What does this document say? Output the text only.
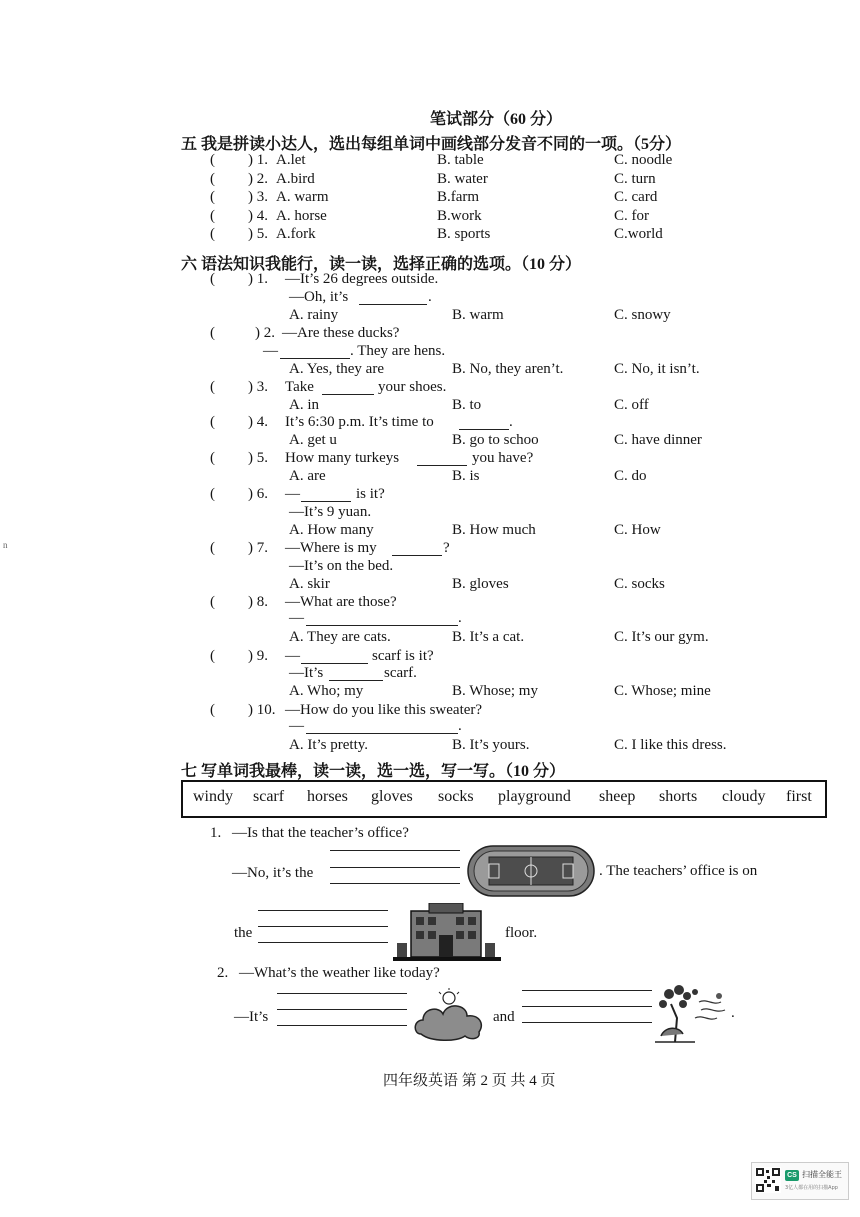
笔试部分（60 分）
五 我是拼读小达人，选出每组单词中画线部分发音不同的一项。（5分）
( ) 1. A.let	B. table	C. noodle
( ) 2. A.bird	B. water	C. turn
( ) 3. A. warm	B.farm	C. card
( ) 4. A. horse	B.work	C. for
( ) 5. A.fork	B. sports	C.world
六 语法知识我能行，读一读，选择正确的选项。（10 分）
( ) 1. —It’s 26 degrees outside.
—Oh, it’s	.
A. rainy	B. warm	C. snowy
(	) 2. —Are these ducks?
—	. They are hens.
A. Yes, they are	B. No, they aren’t.	C. No, it isn’t.
( ) 3. Take	your shoes.
A. in	B. to	C. off
( ) 4. It’s 6:30 p.m. It’s time to	.
A. get u	B. go to schoo	C. have dinner
( ) 5. How many turkeys	you have?
A. are	B. is	C. do
( ) 6. —	is it?
—It’s 9 yuan.
A. How many	B. How much	C. How
( ) 7. —Where is my	?
—It’s on the bed.
A. skir	B. gloves	C. socks
( ) 8. —What are those?
—	.
A. They are cats.	B. It’s a cat.	C. It’s our gym.
( ) 9. —	scarf is it?
—It’s	scarf.
A. Who; my	B. Whose; my	C. Whose; mine
( ) 10. —How do you like this sweater?
—	.
A. It’s pretty.	B. It’s yours.	C. I like this dress.
七 写单词我最棒，读一读，选一选，写一写。（10 分）
windy scarf horses gloves socks playground sheep shorts cloudy first
1. —Is that the teacher’s office?
—No, it’s the	. The teachers’ office is on
the	floor.
2. —What’s the weather like today?
—It’s	and	.
四年级英语 第 2 页 共 4 页
n
CS 扫描全能王
3亿人都在用的扫描App
